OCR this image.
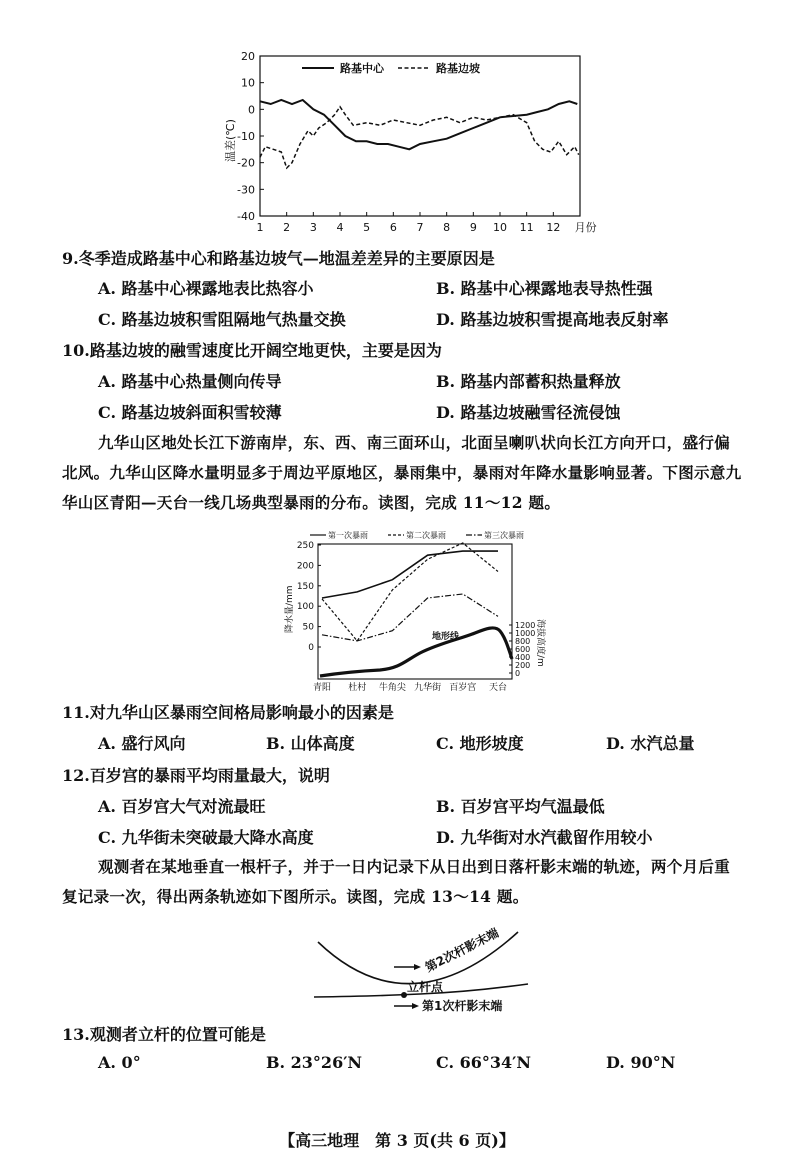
20
10
0
-10
-20
-30
-40
1 2 3 4 5 6 7 8 9 10 11 12 月份
温差(℃)
路基中心	路基边坡
9.冬季造成路基中心和路基边坡气—地温差差异的主要原因是
A. 路基中心裸露地表比热容小	B. 路基中心裸露地表导热性强
C. 路基边坡积雪阻隔地气热量交换	D. 路基边坡积雪提高地表反射率
10.路基边坡的融雪速度比开阔空地更快，主要是因为
A. 路基中心热量侧向传导	B. 路基内部蓄积热量释放
C. 路基边坡斜面积雪较薄	D. 路基边坡融雪径流侵蚀
九华山区地处长江下游南岸，东、西、南三面环山，北面呈喇叭状向长江方向开口，盛行偏北风。九华山区降水量明显多于周边平原地区，暴雨集中，暴雨对年降水量影响显著。下图示意九华山区青阳—天台一线几场典型暴雨的分布。读图，完成 11～12 题。
250
200
150
100
50
0
1200
1000
800
600
400
200
0
降水量/mm
海拔高度/m
青阳 杜村 牛角尖 九华街 百岁宫 天台
地形线
第一次暴雨	第二次暴雨	第三次暴雨
11.对九华山区暴雨空间格局影响最小的因素是
A. 盛行风向	B. 山体高度	C. 地形坡度	D. 水汽总量
12.百岁宫的暴雨平均雨量最大，说明
A. 百岁宫大气对流最旺	B. 百岁宫平均气温最低
C. 九华街未突破最大降水高度	D. 九华街对水汽截留作用较小
观测者在某地垂直一根杆子，并于一日内记录下从日出到日落杆影末端的轨迹，两个月后重复记录一次，得出两条轨迹如下图所示。读图，完成 13～14 题。
第2次杆影末端
立杆点
第1次杆影末端
13.观测者立杆的位置可能是
A. 0°	B. 23°26′N	C. 66°34′N	D. 90°N
【高三地理　第 3 页(共 6 页)】
